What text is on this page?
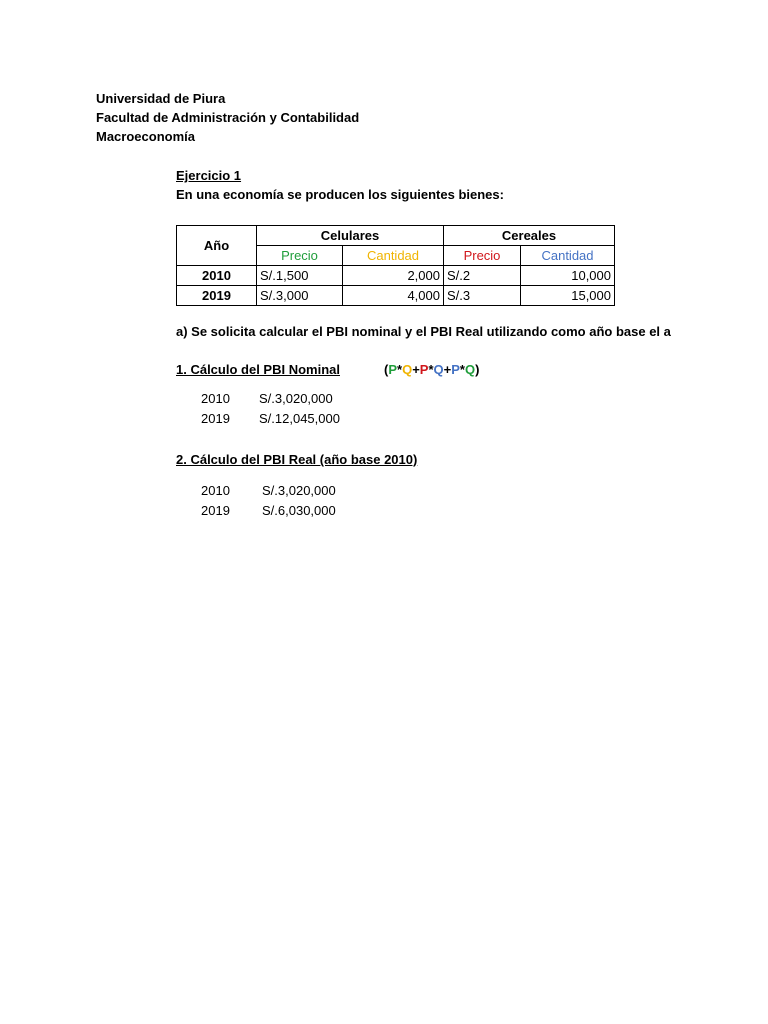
Universidad de Piura
Facultad de Administración y Contabilidad
Macroeconomía
Ejercicio 1
En una economía se producen los siguientes bienes:
Año	Celulares		Cereales	
	Precio	Cantidad	Precio	Cantidad
2010	S/.1,500	2,000	S/.2	10,000
2019	S/.3,000	4,000	S/.3	15,000
a) Se solicita calcular el PBI nominal y el PBI Real utilizando como año base el a
1. Cálculo del PBI Nominal	(P*Q+P*Q+P*Q)
2010 S/.3,020,000
2019 S/.12,045,000
2. Cálculo del PBI Real (año base 2010)
2010 S/.3,020,000
2019 S/.6,030,000
